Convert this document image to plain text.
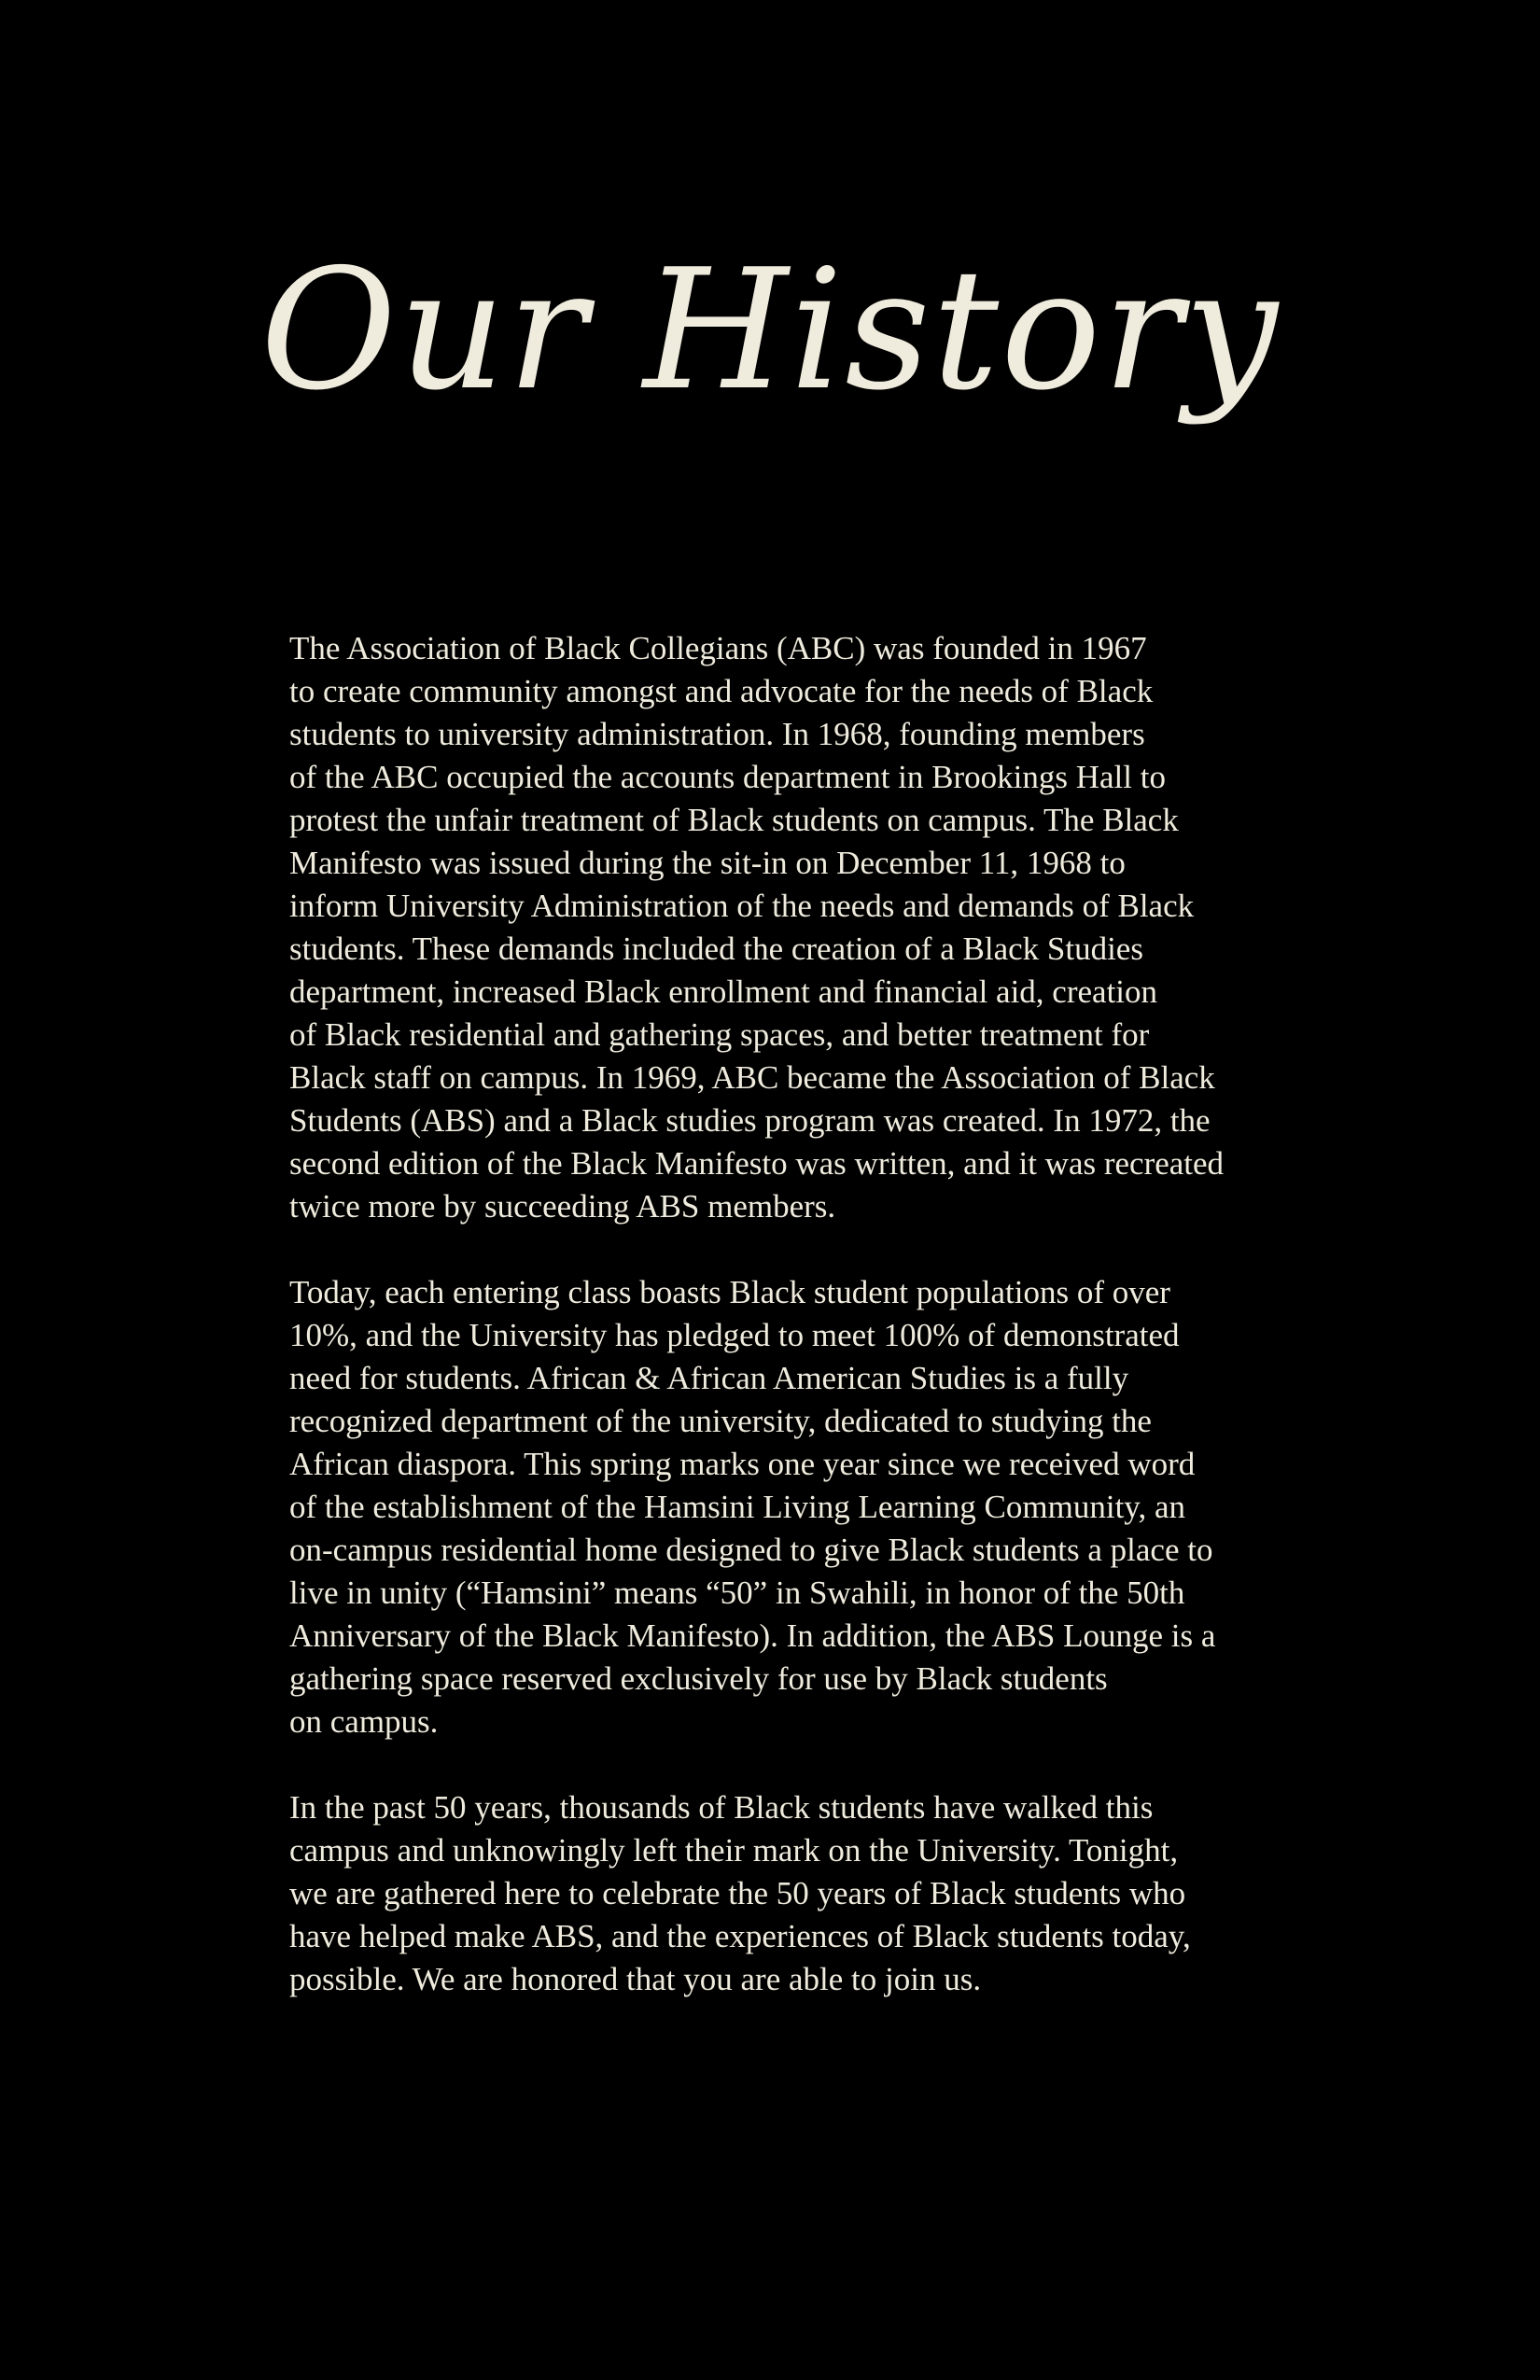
Our History

The Association of Black Collegians (ABC) was founded in 1967
to create community amongst and advocate for the needs of Black
students to university administration. In 1968, founding members
of the ABC occupied the accounts department in Brookings Hall to
protest the unfair treatment of Black students on campus. The Black
Manifesto was issued during the sit-in on December 11, 1968 to
inform University Administration of the needs and demands of Black
students. These demands included the creation of a Black Studies
department, increased Black enrollment and financial aid, creation
of Black residential and gathering spaces, and better treatment for
Black staff on campus. In 1969, ABC became the Association of Black
Students (ABS) and a Black studies program was created. In 1972, the
second edition of the Black Manifesto was written, and it was recreated
twice more by succeeding ABS members.

Today, each entering class boasts Black student populations of over
10%, and the University has pledged to meet 100% of demonstrated
need for students. African & African American Studies is a fully
recognized department of the university, dedicated to studying the
African diaspora. This spring marks one year since we received word
of the establishment of the Hamsini Living Learning Community, an
on-campus residential home designed to give Black students a place to
live in unity (“Hamsini” means “50” in Swahili, in honor of the 50th
Anniversary of the Black Manifesto). In addition, the ABS Lounge is a
gathering space reserved exclusively for use by Black students
on campus.

In the past 50 years, thousands of Black students have walked this
campus and unknowingly left their mark on the University. Tonight,
we are gathered here to celebrate the 50 years of Black students who
have helped make ABS, and the experiences of Black students today,
possible. We are honored that you are able to join us.
